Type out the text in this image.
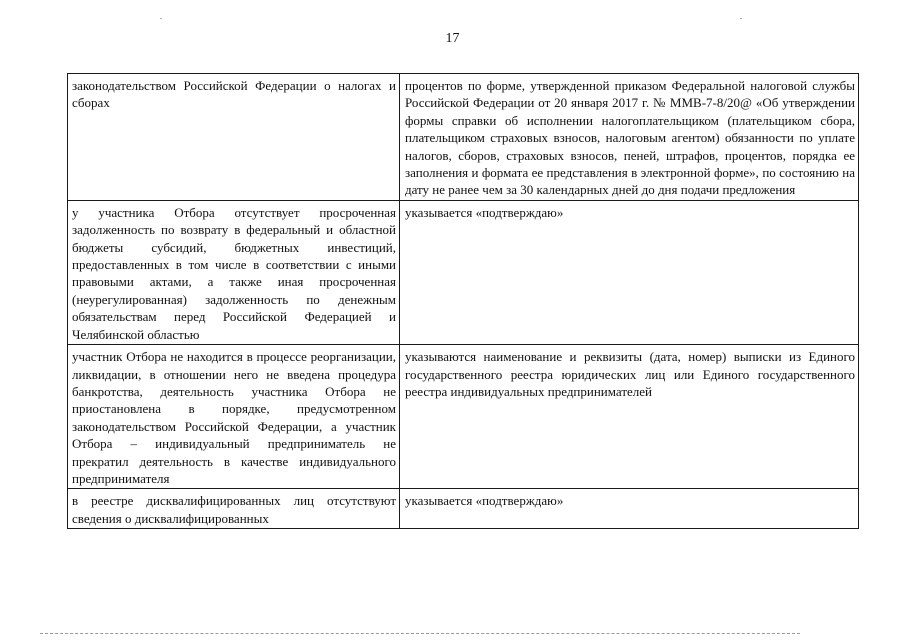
17
законодательством Российской Федерации о налогах и сборах	процентов по форме, утвержденной приказом Федеральной налоговой службы Российской Федерации от 20 января 2017 г. № ММВ-7-8/20@ «Об утверждении формы справки об исполнении налогоплательщиком (плательщиком сбора, плательщиком страховых взносов, налоговым агентом) обязанности по уплате налогов, сборов, страховых взносов, пеней, штрафов, процентов, порядка ее заполнения и формата ее представления в электронной форме», по состоянию на дату не ранее чем за 30 календарных дней до дня подачи предложения
у участника Отбора отсутствует просроченная задолженность по возврату в федеральный и областной бюджеты субсидий, бюджетных инвестиций, предоставленных в том числе в соответствии с иными правовыми актами, а также иная просроченная (неурегулированная) задолженность по денежным обязательствам перед Российской Федерацией и Челябинской областью	указывается «подтверждаю»
участник Отбора не находится в процессе реорганизации, ликвидации, в отношении него не введена процедура банкротства, деятельность участника Отбора не приостановлена в порядке, предусмотренном законодательством Российской Федерации, а участник Отбора – индивидуальный предприниматель не прекратил деятельность в качестве индивидуального предпринимателя	указываются наименование и реквизиты (дата, номер) выписки из Единого государственного реестра юридических лиц или Единого государственного реестра индивидуальных предпринимателей
в реестре дисквалифицированных лиц отсутствуют сведения о дисквалифицированных	указывается «подтверждаю»
